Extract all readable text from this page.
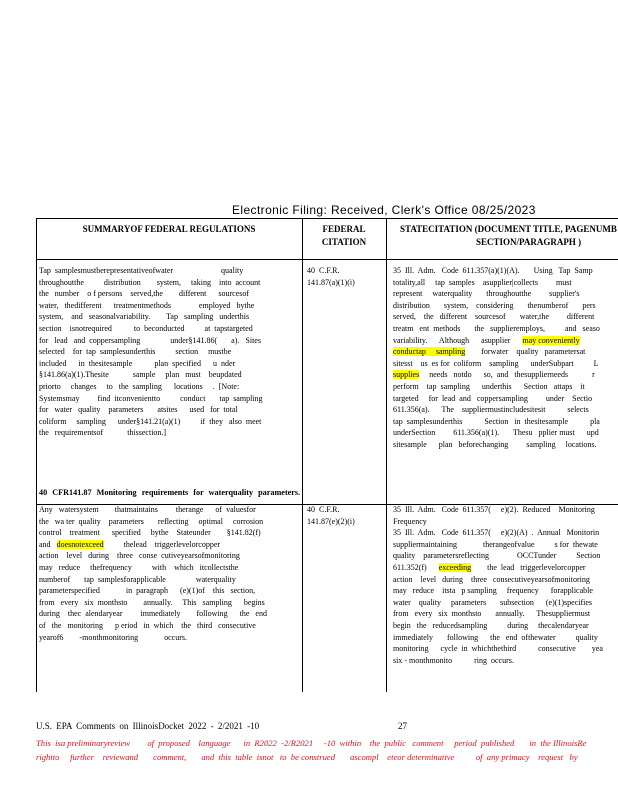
Electronic Filing: Received, Clerk's Office 08/25/2023
SUMMARYOF FEDERAL REGULATIONS	FEDERAL
CITATION
STATECITATION (DOCUMENT TITLE, PAGENUMB
SECTION/PARAGRAPH )
Tap  samplesmustberepresentativeofwater                        quality
throughoutthe          distribution        system,     taking    into  account
the   number    o f persons    served,the        different      sourcesof
water,   thedifferent      treatmentmethods              employed   bythe
system,    and   seasonalvariability.        Tap   sampling   underthis
section    isnotrequired           to  beconducted          at  tapstargeted
for   lead   and  coppersampling               under§141.86(       a).   Sites
selected    for  tap  samplesunderthis          section     mustbe
included      in  thesitesample           plan  specified      u  nder
§141.86(a)(1).Thesite            sample     plan   must    beupdated
priorto     changes     to   the  sampling      locations     .  [Note:
Systemsmay         find  itconvenientto          conduct       tap  sampling
for   water   quality    parameters       atsites      used   for  total
coliform     sampling      under§141.21(a)(1)          if  they   also  meet
the   requirementsof            thissection.]
40  C.F.R.
141.87(a)(1)(i)
35  Ill.  Adm.   Code  611.357(a)(1)(A).       Using   Tap  Samp
totality,all     tap  samples    asupplier|collects         must
represent     waterquality       throughoutthe         supplier's
distribution       system,    considering       thenumberof       pers
served,    the   different    sourcesof       water,the         different
treatm   ent  methods       the   supplieremploys,          and   seaso
variability.      Although      asupplier      may conveniently
conductap     sampling        forwater    quality   parametersat
sitesst    us  es for  coliform    sampling      underSubpart          L
supplies     needs   notdo      so,  and   thesupplierneeds            r
perform    tap  sampling      underthis      Section   attaps    it
targeted     for  lead  and   coppersampling         under    Sectio
611.356(a).      The    suppliermustincludesitesit           selects
tap  samplesunderthis           Section   in  thesitesample           pla
underSection         611.356(a)(1).       Thesu   pplier must      upd
sitesample      plan   beforechanging         sampling     locations.
40 CFR141.87 Monitoring requirements for waterquality parameters.
Any   watersystem        thatmaintains         therange      of  valuesfor
the   wa ter  quality    parameters       reflecting     optimal     corrosion
control    treatment      specified     bythe    Stateunder        §141.82(f)
and   doesnotexceed          thelead    triggerlevelorcopper
action    level   during    three   conse  cutiveyearsofmonitoring
may   reduce     thefrequency          with    which   itcollectsthe
numberof       tap  samplesforapplicable               waterquality
parameterspecified             in  paragraph      (e)(1)of    this   section,
from   every   six  monthsto        annually.     This   sampling      begins
during    thec  alendaryear         immediately        following      the   end
of   the   monitoring      p eriod   in  which    the   third   consecutive
yearof6        -monthmonitoring             occurs.
40  C.F.R.
141.87(e)(2)(i)
35  Ill.  Adm.   Code  611.357(     e)(2).  Reduced    Monitoring
Frequency
35  Ill.  Adm.   Code  611.357(     e)(2)(A)  .  Annual   Monitorin
suppliermaintaining             therangeofvalue          s for  thewate
quality    parametersreflecting              OCCTunder          Section
611.352(f)      exceeding        the  lead   triggerlevelorcopper
action    level   during    three   consecutiveyearsofmonitoring
may   reduce    itsta   p sampling     frequency      forapplicable
water    quality     parameters       subsection      (e)(1)specifies
from   every   six  monthsto       annually.      Thesuppliermust
begin   the   reducedsampling          during     thecalendaryear
immediately       following      the   end  ofthewater          quality
monitoring      cycle  in  whichthethird           consecutive        yea
six - monthmonito           ring  occurs.
U.S. EPA Comments on IllinoisDocket 2022 - 2/2021 -10	27
This  isa preliminaryreview        of  proposed    language      in  R2022  -2/R2021     -10  within    the  public   comment     period  published       in  the IllinoisRe
rightto     further    reviewand       comment,       and  this  table  isnot   to  be construed       ascompl    eteor determinative          of  any primacy    request   by
